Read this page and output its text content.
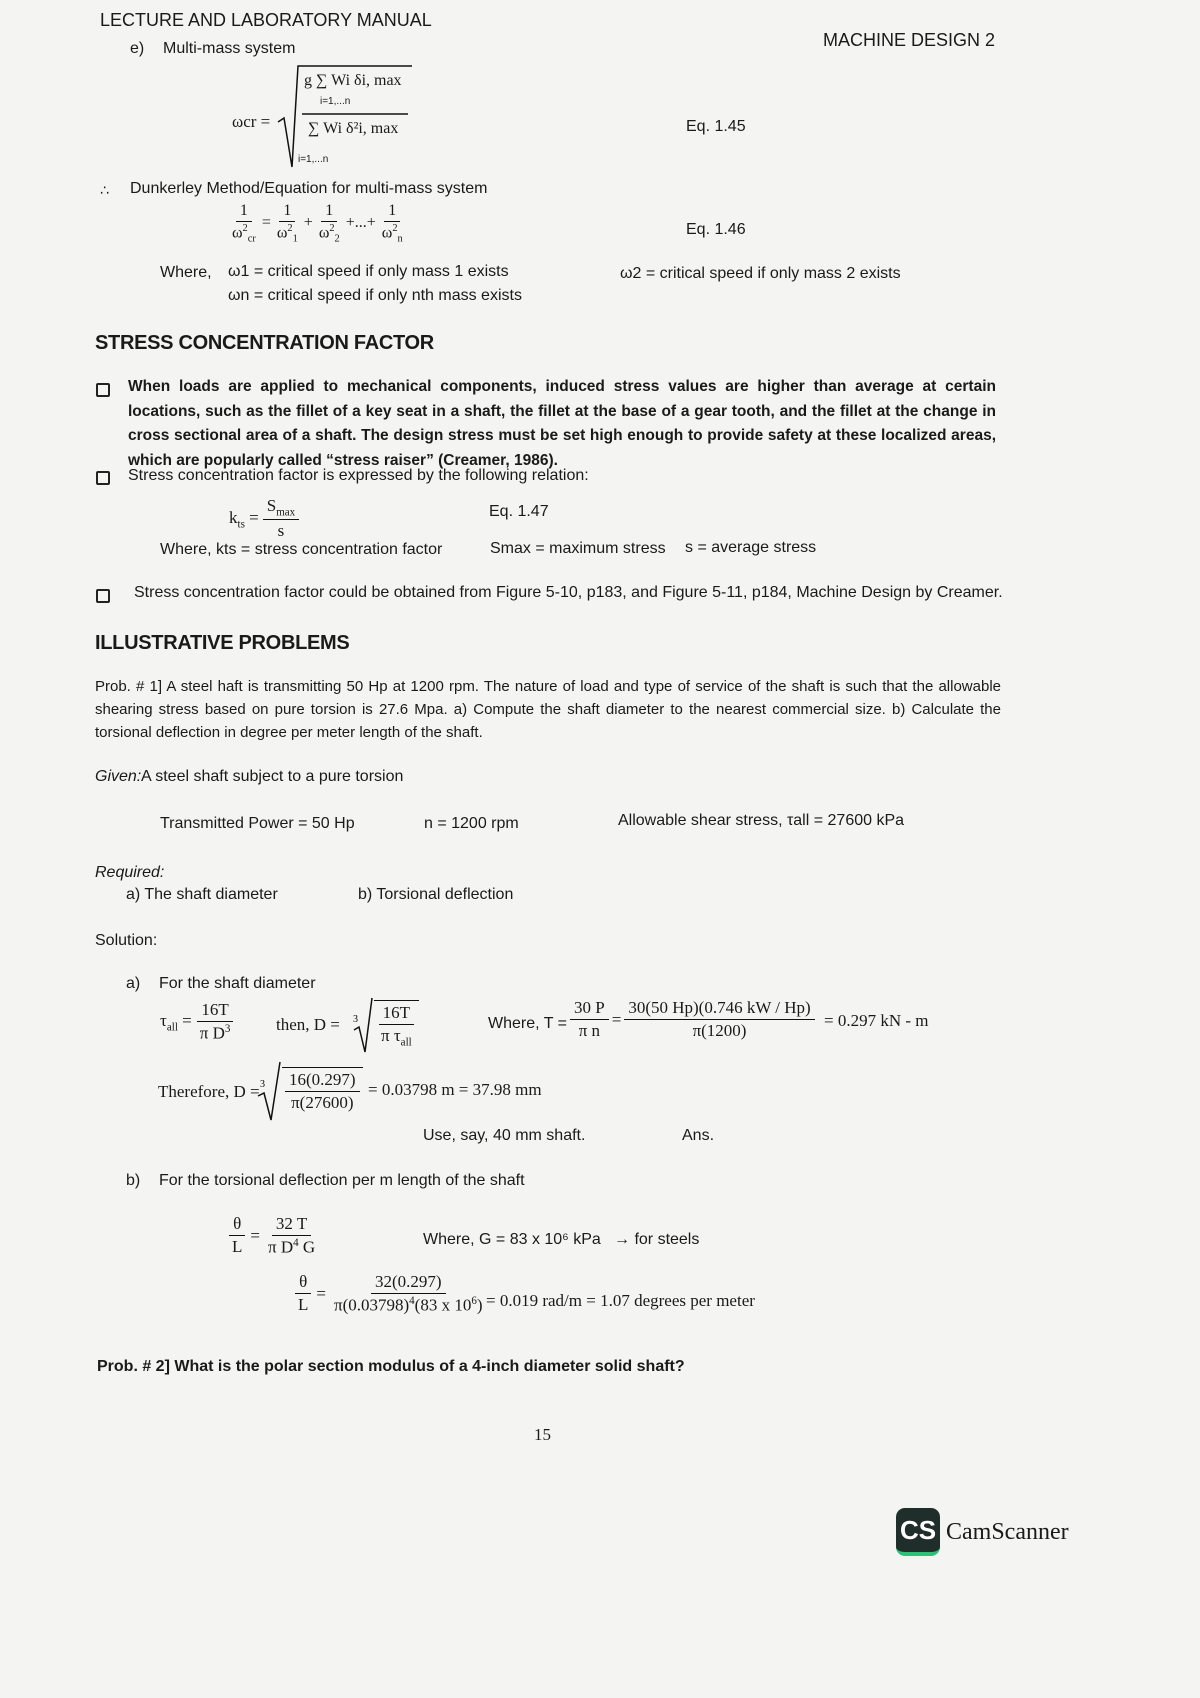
LECTURE AND LABORATORY MANUAL
MACHINE DESIGN 2
e) Multi-mass system
ωcr =
g ∑ Wi δi, max
i=1,...n
∑ Wi δ²i, max
i=1,...n
Eq. 1.45
∴ Dunkerley Method/Equation for multi-mass system
$\frac{1}{\omega^2_{cr}} = \frac{1}{\omega^2_1} + \frac{1}{\omega^2_2}$ +...+ $\frac{1}{\omega^2_n}$	Eq. 1.46
Where, ω1 = critical speed if only mass 1 exists	ω2 = critical speed if only mass 2 exists
ωn = critical speed if only nth mass exists
STRESS CONCENTRATION FACTOR
When loads are applied to mechanical components, induced stress values are higher than average at certain locations, such as the fillet of a key seat in a shaft, the fillet at the base of a gear tooth, and the fillet at the change in cross sectional area of a shaft. The design stress must be set high enough to provide safety at these localized areas, which are popularly called “stress raiser” (Creamer, 1986).
Stress concentration factor is expressed by the following relation:
$k_{ts} = \frac{S_{max}}{s}$	Eq. 1.47
Where, kts = stress concentration factor	Smax = maximum stress s = average stress
Stress concentration factor could be obtained from Figure 5-10, p183, and Figure 5-11, p184, Machine Design by Creamer.
ILLUSTRATIVE PROBLEMS
Prob. # 1] A steel haft is transmitting 50 Hp at 1200 rpm. The nature of load and type of service of the shaft is such that the allowable shearing stress based on pure torsion is 27.6 Mpa. a) Compute the shaft diameter to the nearest commercial size. b) Calculate the torsional deflection in degree per meter length of the shaft.
Given: A steel shaft subject to a pure torsion
Transmitted Power = 50 Hp	n = 1200 rpm	Allowable shear stress, τall = 27600 kPa
Required:
a) The shaft diameter	b) Torsional deflection
Solution:
a) For the shaft diameter
$\tau_{all} = \frac{16T}{\pi D^3}$ then, $D = 3 \frac{16T}{\pi \tau_{all}}$	Where, $T = \frac{30 P}{\text{π n}} = \frac{30(50 Hp)(0.746 kW / Hp)}{\pi(1200)} = 0.297$ kN - m
Therefore, $D = 3 \frac{16(0.297)}{\pi(27600)} = 0.03798$ m = 37.98 mm
Use, say, 40 mm shaft.	Ans.
b) For the torsional deflection per m length of the shaft
$\frac{\theta}{L} = \frac{32 T}{\pi D^4 G}$	Where, G = 83 x 10⁶ kPa → for steels
$\frac{\theta}{L} = \frac{32(0.297)}{\pi(0.03798)^4(83 x 10^6)} = 0.019$ rad/m = 1.07 degrees per meter
Prob. # 2] What is the polar section modulus of a 4-inch diameter solid shaft?
15
CS CamScanner
